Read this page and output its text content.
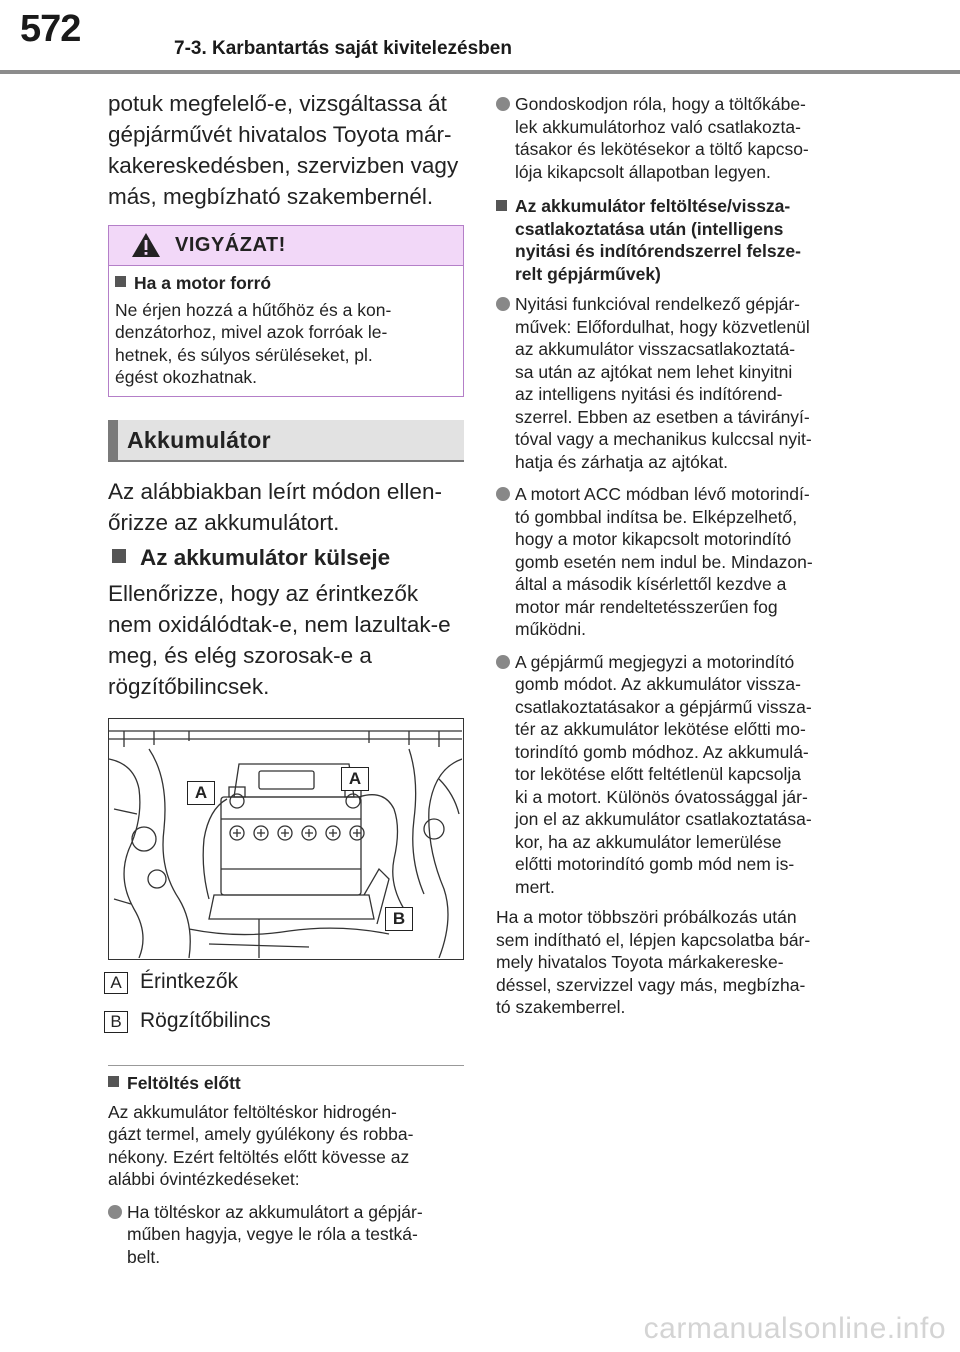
572	7-3. Karbantartás saját kivitelezésben

potuk megfelelő-e, vizsgáltassa át

gépjárművét hivatalos Toyota már-

kakereskedésben, szervizben vagy

más, megbízható szakembernél.

VIGYÁZAT!
Ha a motor forró
Ne érjen hozzá a hűtőhöz és a kon-
denzátorhoz, mivel azok forróak le-
hetnek, és súlyos sérüléseket, pl.
égést okozhatnak.
Akkumulátor

Az alábbiakban leírt módon ellen-

őrizze az akkumulátort.

Az akkumulátor külseje

Ellenőrizze, hogy az érintkezők

nem oxidálódtak-e, nem lazultak-e

meg, és elég szorosak-e a

rögzítőbilincsek.

A
A
B
A Érintkezők
B Rögzítőbilincs
Feltöltés előtt
Az akkumulátor feltöltéskor hidrogén-
gázt termel, amely gyúlékony és robba-
nékony. Ezért feltöltés előtt kövesse az
alábbi óvintézkedéseket:
Ha töltéskor az akkumulátort a gépjár-
műben hagyja, vegye le róla a testká-
belt.
Gondoskodjon róla, hogy a töltőkábe-
lek akkumulátorhoz való csatlakozta-
tásakor és lekötésekor a töltő kapcso-
lója kikapcsolt állapotban legyen.
Az akkumulátor feltöltése/vissza-
csatlakoztatása után (intelligens
nyitási és indítórendszerrel felsze-
relt gépjárművek)
Nyitási funkcióval rendelkező gépjár-
művek: Előfordulhat, hogy közvetlenül
az akkumulátor visszacsatlakoztatá-
sa után az ajtókat nem lehet kinyitni
az intelligens nyitási és indítórend-
szerrel. Ebben az esetben a távirányí-
tóval vagy a mechanikus kulccsal nyit-
hatja és zárhatja az ajtókat.
A motort ACC módban lévő motorindí-
tó gombbal indítsa be. Elképzelhető,
hogy a motor kikapcsolt motorindító
gomb esetén nem indul be. Mindazon-
által a második kísérlettől kezdve a
motor már rendeltetésszerűen fog
működni.
A gépjármű megjegyzi a motorindító
gomb módot. Az akkumulátor vissza-
csatlakoztatásakor a gépjármű vissza-
tér az akkumulátor lekötése előtti mo-
torindító gomb módhoz. Az akkumulá-
tor lekötése előtt feltétlenül kapcsolja
ki a motort. Különös óvatossággal jár-
jon el az akkumulátor csatlakoztatása-
kor, ha az akkumulátor lemerülése
előtti motorindító gomb mód nem is-
mert.
Ha a motor többszöri próbálkozás után
sem indítható el, lépjen kapcsolatba bár-
mely hivatalos Toyota márkakereske-
déssel, szervizzel vagy más, megbízha-
tó szakemberrel.
carmanualsonline.info
